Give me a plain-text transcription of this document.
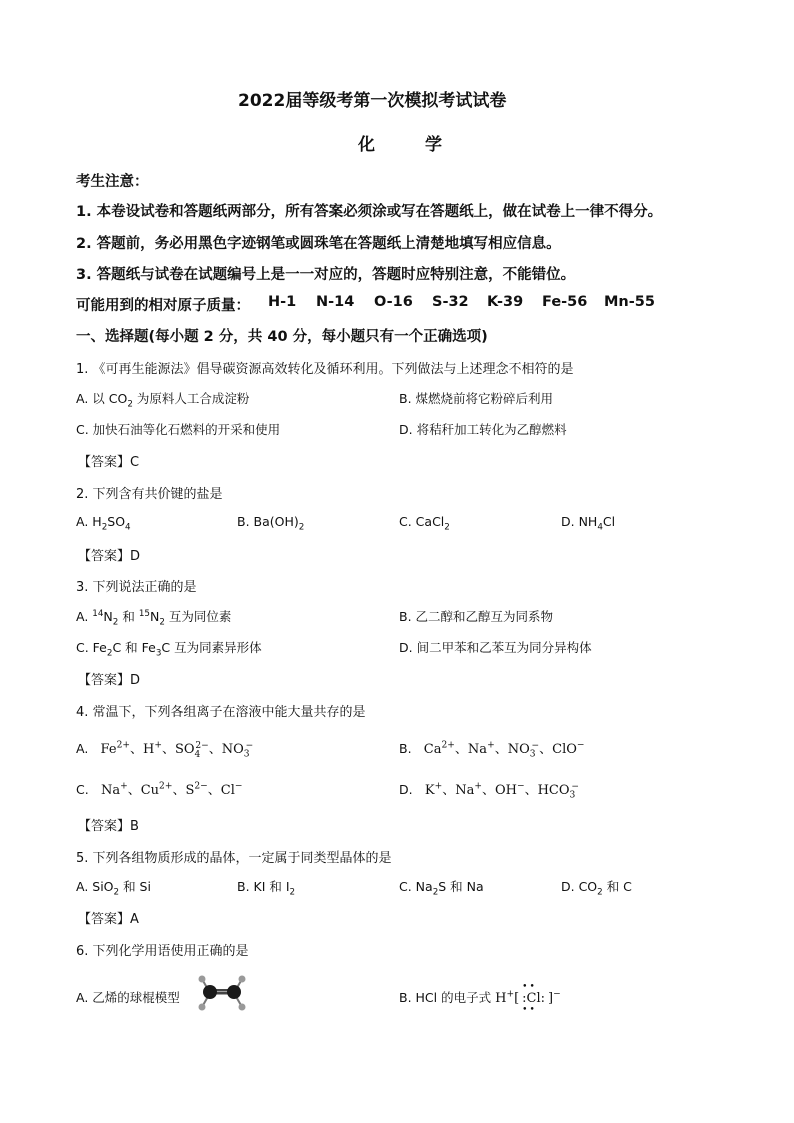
2022届等级考第一次模拟考试试卷
化	学
考生注意：
1. 本卷设试卷和答题纸两部分，所有答案必须涂或写在答题纸上，做在试卷上一律不得分。
2. 答题前，务必用黑色字迹钢笔或圆珠笔在答题纸上清楚地填写相应信息。
3. 答题纸与试卷在试题编号上是一一对应的，答题时应特别注意，不能错位。
可能用到的相对原子质量： H-1 N-14 O-16 S-32 K-39 Fe-56 Mn-55
一、选择题(每小题 2 分，共 40 分，每小题只有一个正确选项)
1. 《可再生能源法》倡导碳资源高效转化及循环利用。下列做法与上述理念不相符的是
A. 以 $CO_2$ 为原料人工合成淀粉	B. 煤燃烧前将它粉碎后利用
C. 加快石油等化石燃料的开采和使用	D. 将秸秆加工转化为乙醇燃料
【答案】C
2. 下列含有共价键的盐是
A. $H_2SO_4$	B. $Ba(OH)_2$	C. CaCl$_2$	D. $NH_4Cl$
【答案】D
3. 下列说法正确的是
A. $^{14}N_2$ 和 $^{15}N_2$ 互为同位素	B. 乙二醇和乙醇互为同系物
C. $Fe_2C$ 和 $Fe_3C$ 互为同素异形体	D. 间二甲苯和乙苯互为同分异构体
【答案】D
4. 常温下，下列各组离子在溶液中能大量共存的是
A.   $Fe^{2+}$、H+、$SO_4^{2-}$、$NO_3^-$	B.   $Ca^{2+}$、Na+、$NO_3^-$、ClO−
C.   Na+、$Cu^{2+}$、$S^{2-}$、Cl−	D.   K+、Na+、OH−、$HCO_3^-$
【答案】B
5. 下列各组物质形成的晶体，一定属于同类型晶体的是
A. SiO$_2$ 和 Si	B. KI 和 $I_2$	C. $Na_2S$ 和 Na	D. $CO_2$ 和 C
【答案】A
6. 下列化学用语使用正确的是
A. 乙烯的球棍模型	B. HCl 的电子式 H+[
••
:Cl:
••
]−
